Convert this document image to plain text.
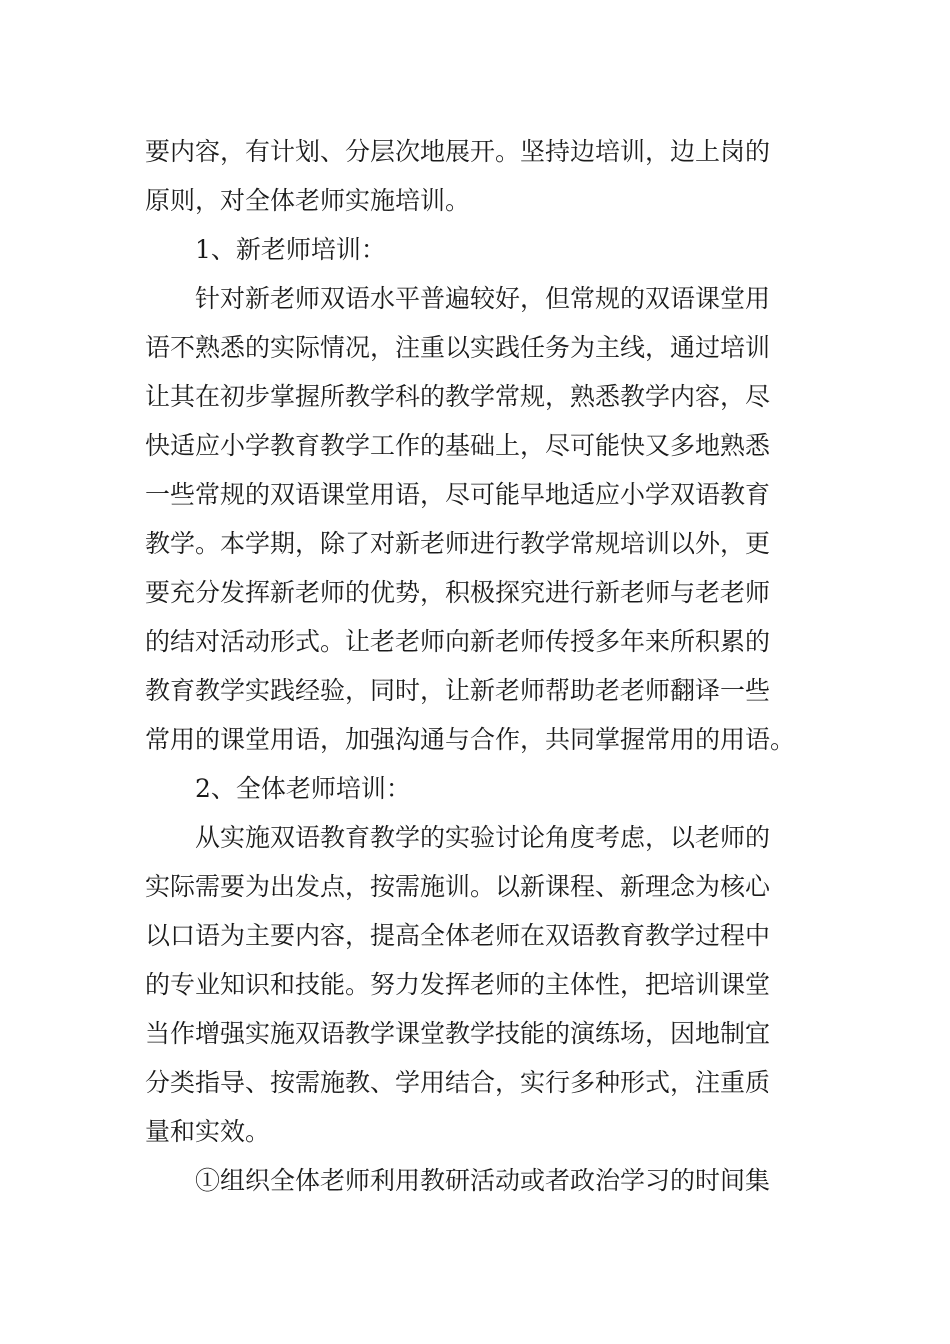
要内容，有计划、分层次地展开。坚持边培训，边上岗的
原则，对全体老师实施培训。
1、新老师培训：
针对新老师双语水平普遍较好，但常规的双语课堂用
语不熟悉的实际情况，注重以实践任务为主线，通过培训
让其在初步掌握所教学科的教学常规，熟悉教学内容，尽
快适应小学教育教学工作的基础上，尽可能快又多地熟悉
一些常规的双语课堂用语，尽可能早地适应小学双语教育
教学。本学期，除了对新老师进行教学常规培训以外，更
要充分发挥新老师的优势，积极探究进行新老师与老老师
的结对活动形式。让老老师向新老师传授多年来所积累的
教育教学实践经验，同时，让新老师帮助老老师翻译一些
常用的课堂用语，加强沟通与合作，共同掌握常用的用语。
2、全体老师培训：
从实施双语教育教学的实验讨论角度考虑，以老师的
实际需要为出发点，按需施训。以新课程、新理念为核心
以口语为主要内容，提高全体老师在双语教育教学过程中
的专业知识和技能。努力发挥老师的主体性，把培训课堂
当作增强实施双语教学课堂教学技能的演练场，因地制宜
分类指导、按需施教、学用结合，实行多种形式，注重质
量和实效。
①组织全体老师利用教研活动或者政治学习的时间集
